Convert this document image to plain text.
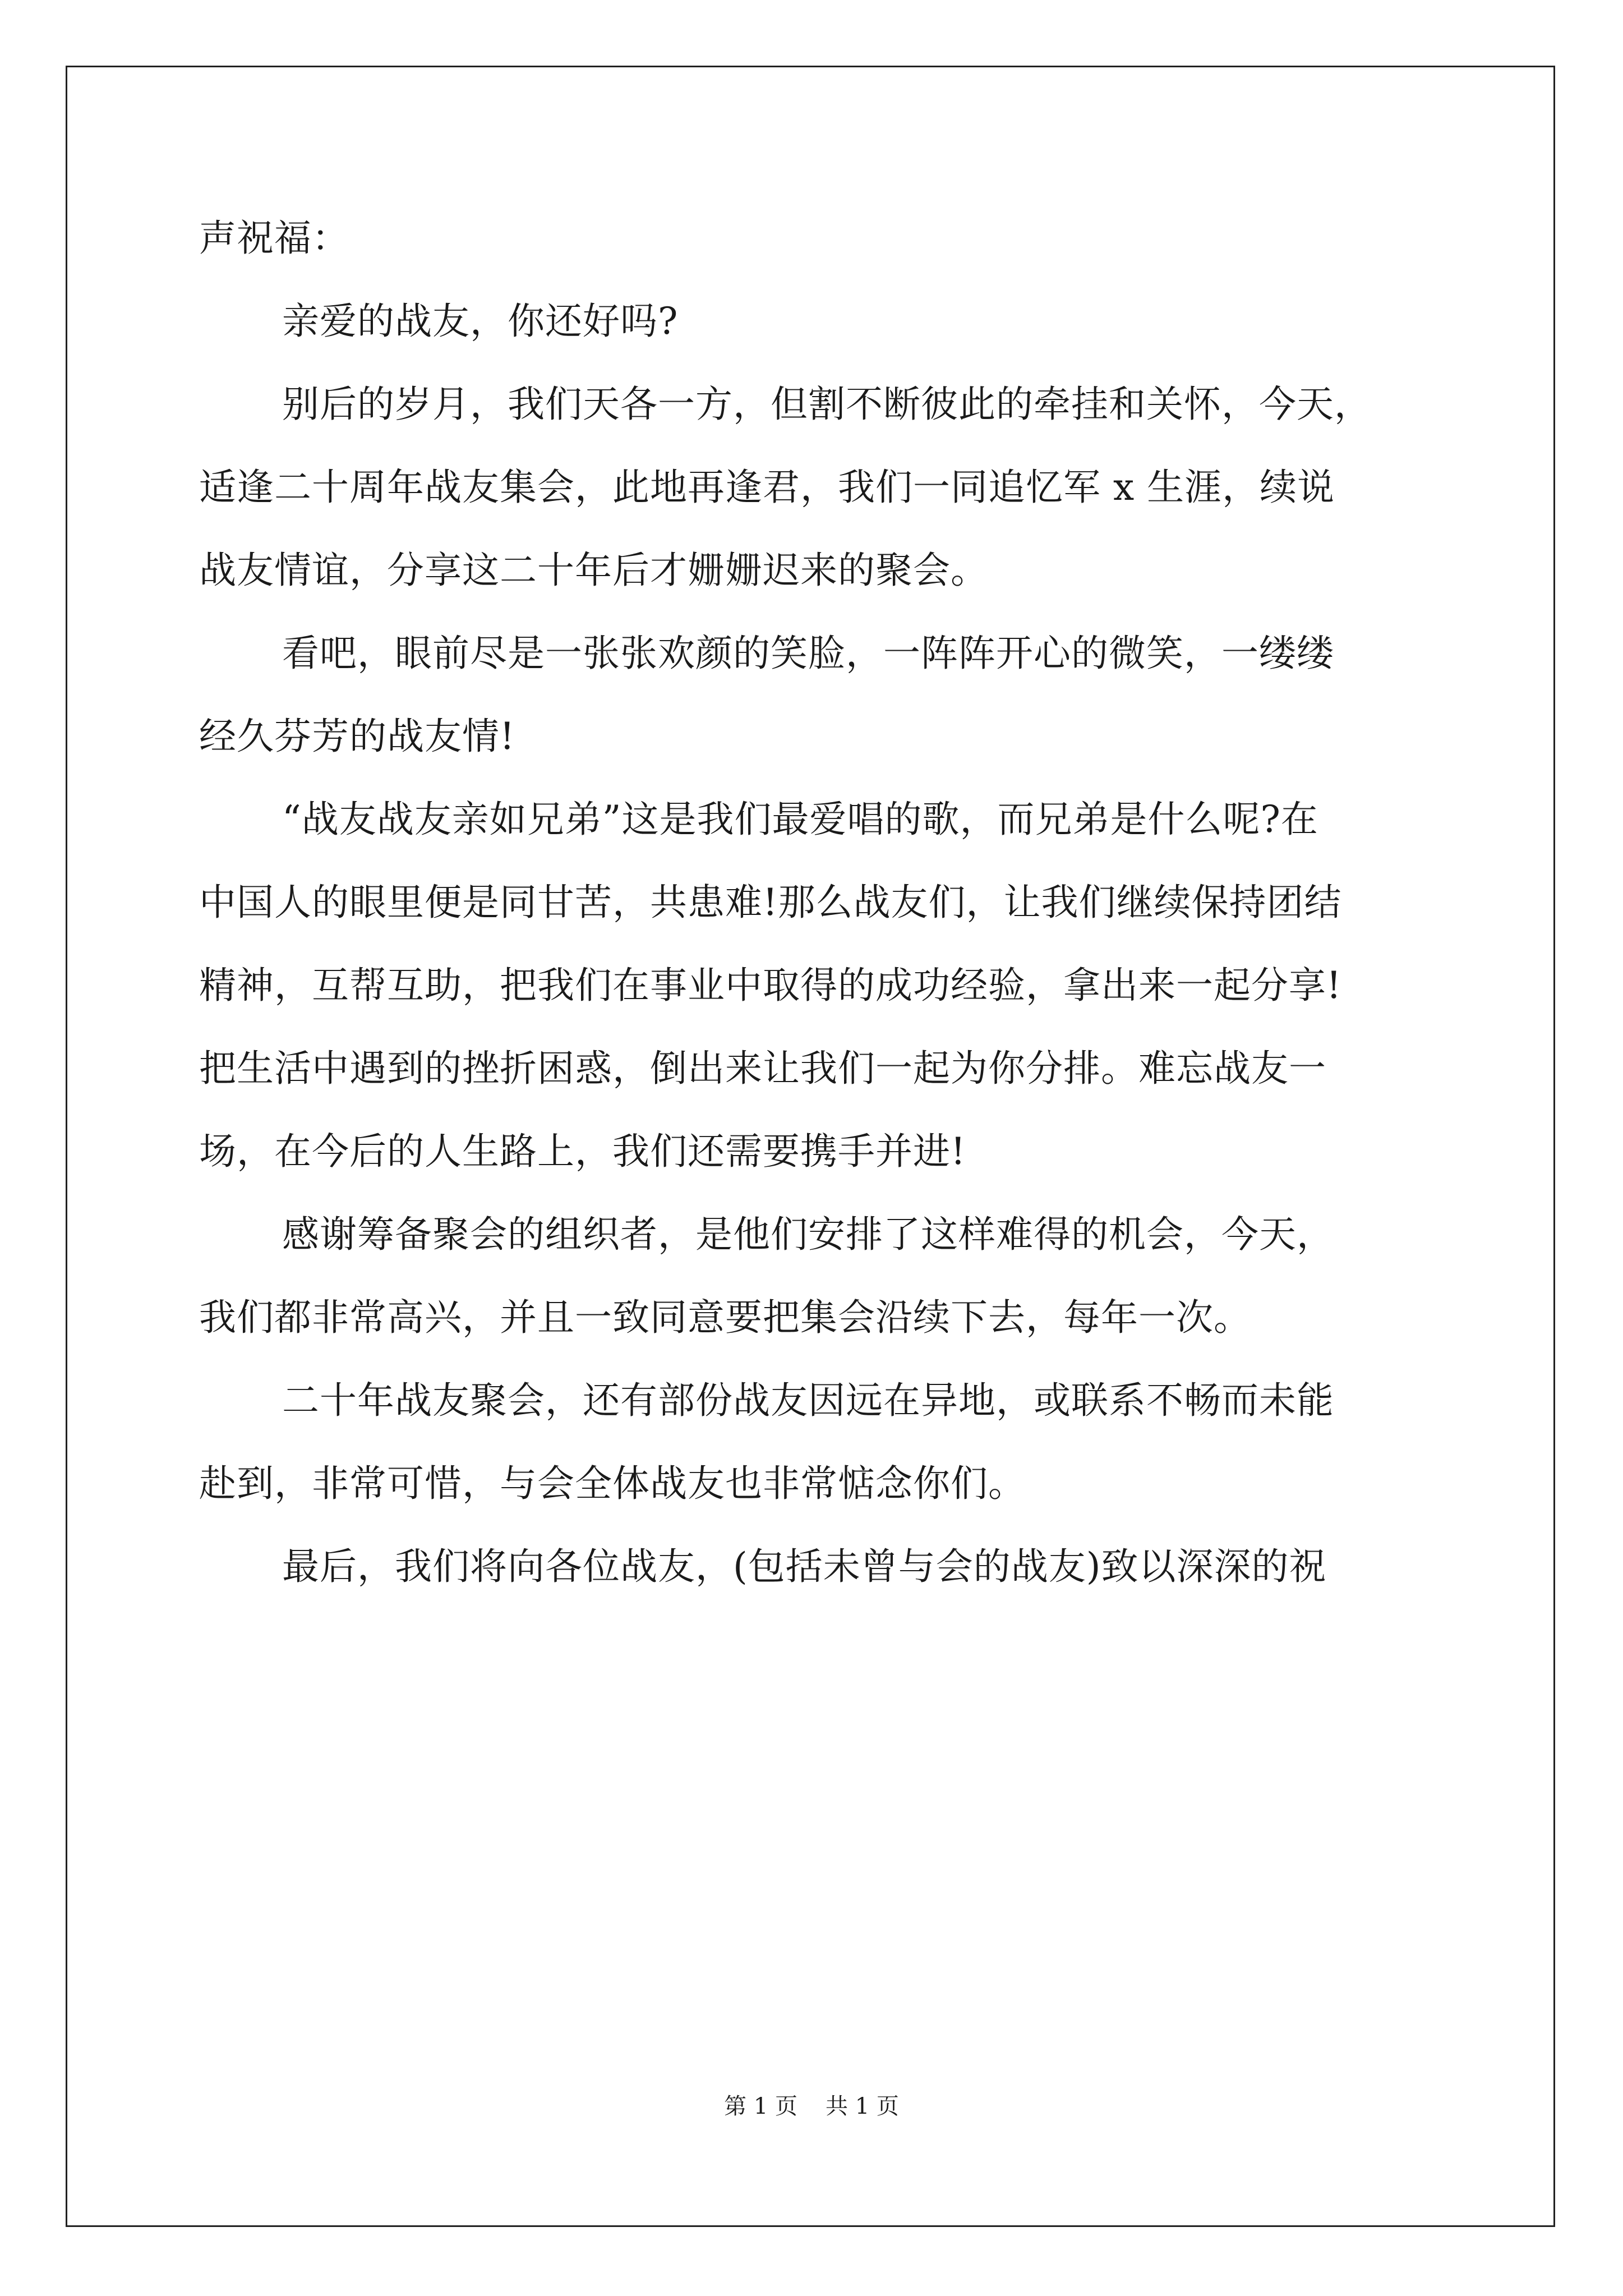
声祝福：
亲爱的战友，你还好吗?
别后的岁月，我们天各一方，但割不断彼此的牵挂和关怀，今天，
适逢二十周年战友集会，此地再逢君，我们一同追忆军 x 生涯，续说
战友情谊，分享这二十年后才姗姗迟来的聚会。
看吧，眼前尽是一张张欢颜的笑脸，一阵阵开心的微笑，一缕缕
经久芬芳的战友情!
“战友战友亲如兄弟”这是我们最爱唱的歌，而兄弟是什么呢?在
中国人的眼里便是同甘苦，共患难!那么战友们，让我们继续保持团结
精神，互帮互助，把我们在事业中取得的成功经验，拿出来一起分享!
把生活中遇到的挫折困惑，倒出来让我们一起为你分排。难忘战友一
场，在今后的人生路上，我们还需要携手并进!
感谢筹备聚会的组织者，是他们安排了这样难得的机会，今天，
我们都非常高兴，并且一致同意要把集会沿续下去，每年一次。
二十年战友聚会，还有部份战友因远在异地，或联系不畅而未能
赴到，非常可惜，与会全体战友也非常惦念你们。
最后，我们将向各位战友，(包括未曾与会的战友)致以深深的祝
第 1 页 共 1 页
